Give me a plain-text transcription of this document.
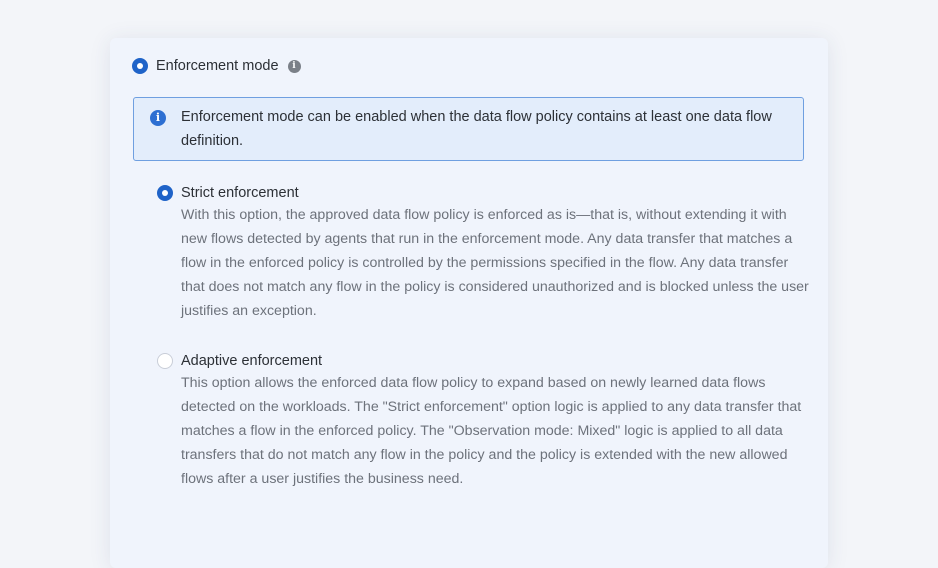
Enforcement mode	i
i	Enforcement mode can be enabled when the data flow policy contains at least one data flow definition.
Strict enforcement
With this option, the approved data flow policy is enforced as is—that is, without extending it with new flows detected by agents that run in the enforcement mode. Any data transfer that matches a flow in the enforced policy is controlled by the permissions specified in the flow. Any data transfer that does not match any flow in the policy is considered unauthorized and is blocked unless the user justifies an exception.
Adaptive enforcement
This option allows the enforced data flow policy to expand based on newly learned data flows detected on the workloads. The "Strict enforcement" option logic is applied to any data transfer that matches a flow in the enforced policy. The "Observation mode: Mixed" logic is applied to all data transfers that do not match any flow in the policy and the policy is extended with the new allowed flows after a user justifies the business need.
